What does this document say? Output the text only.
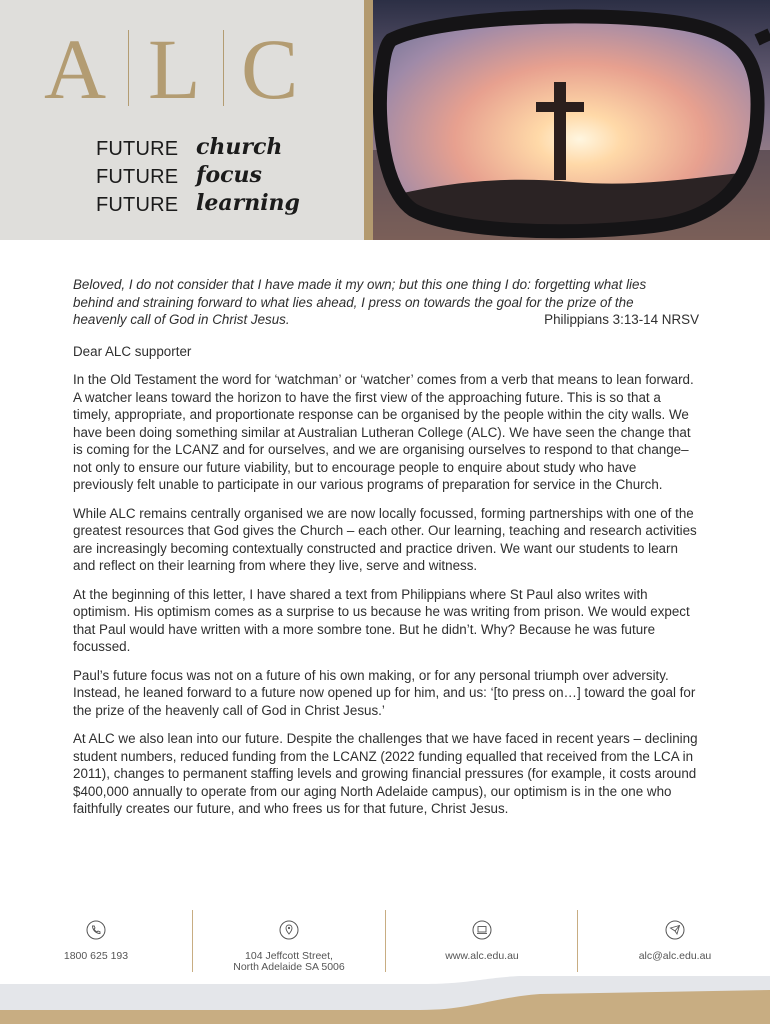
A L C
FUTURE church
FUTURE focus
FUTURE learning

Beloved, I do not consider that I have made it my own; but this one thing I do: forgetting what lies

behind and straining forward to what lies ahead, I press on towards the goal for the prize of the

heavenly call of God in Christ Jesus.	Philippians 3:13-14 NRSV

Dear ALC supporter

In the Old Testament the word for ‘watchman’ or ‘watcher’ comes from a verb that means to lean forward. A watcher leans toward the horizon to have the first view of the approaching future. This is so that a timely, appropriate, and proportionate response can be organised by the people within the city walls. We have been doing something similar at Australian Lutheran College (ALC). We have seen the change that is coming for the LCANZ and for ourselves, and we are organising ourselves to respond to that change–not only to ensure our future viability, but to encourage people to enquire about study who have previously felt unable to participate in our various programs of preparation for service in the Church.

While ALC remains centrally organised we are now locally focussed, forming partnerships with one of the greatest resources that God gives the Church – each other. Our learning, teaching and research activities are increasingly becoming contextually constructed and practice driven. We want our students to learn and reflect on their learning from where they live, serve and witness.

At the beginning of this letter, I have shared a text from Philippians where St Paul also writes with optimism. His optimism comes as a surprise to us because he was writing from prison. We would expect that Paul would have written with a more sombre tone. But he didn’t. Why? Because he was future focussed.

Paul’s future focus was not on a future of his own making, or for any personal triumph over adversity. Instead, he leaned forward to a future now opened up for him, and us: ‘[to press on…] toward the goal for the prize of the heavenly call of God in Christ Jesus.’

At ALC we also lean into our future. Despite the challenges that we have faced in recent years – declining student numbers, reduced funding from the LCANZ (2022 funding equalled that received from the LCA in 2011), changes to permanent staffing levels and growing financial pressures (for example, it costs around $400,000 annually to operate from our aging North Adelaide campus), our optimism is in the one who faithfully creates our future, and who frees us for that future, Christ Jesus.

1800 625 193	104 Jeffcott Street,
North Adelaide SA 5006
www.alc.edu.au	alc@alc.edu.au
